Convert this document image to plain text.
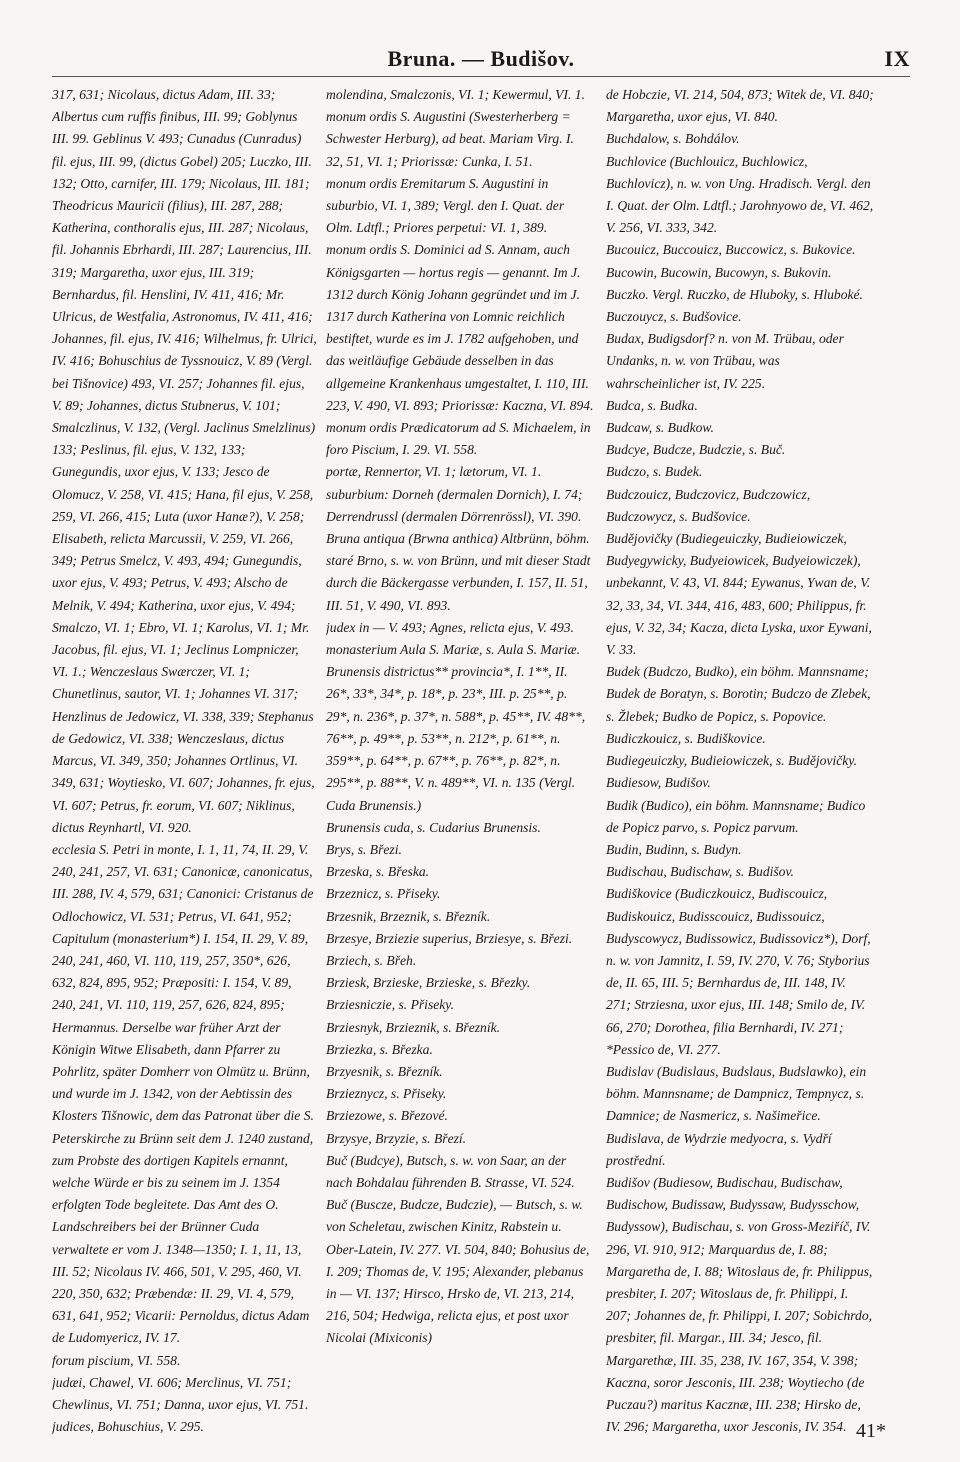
Bruna. — Budišov.	IX

317, 631; Nicolaus, dictus Adam, III. 33; Albertus cum ruffis finibus, III. 99; Goblynus III. 99. Geblinus V. 493; Cunadus (Cunradus) fil. ejus, III. 99, (dictus Gobel) 205; Luczko, III. 132; Otto, carnifer, III. 179; Nicolaus, III. 181; Theodricus Mauricii (filius), III. 287, 288; Katherina, conthoralis ejus, III. 287; Nicolaus, fil. Johannis Ebrhardi, III. 287; Laurencius, III. 319; Margaretha, uxor ejus, III. 319; Bernhardus, fil. Henslini, IV. 411, 416; Mr. Ulricus, de Westfalia, Astronomus, IV. 411, 416; Johannes, fil. ejus, IV. 416; Wilhelmus, fr. Ulrici, IV. 416; Bohuschius de Tyssnouicz, V. 89 (Vergl. bei Tišnovice) 493, VI. 257; Johannes fil. ejus, V. 89; Johannes, dictus Stubnerus, V. 101; Smalczlinus, V. 132, (Vergl. Jaclinus Smelzlinus) 133; Peslinus, fil. ejus, V. 132, 133; Gunegundis, uxor ejus, V. 133; Jesco de Olomucz, V. 258, VI. 415; Hana, fil ejus, V. 258, 259, VI. 266, 415; Luta (uxor Hanæ?), V. 258; Elisabeth, relicta Marcussii, V. 259, VI. 266, 349; Petrus Smelcz, V. 493, 494; Gunegundis, uxor ejus, V. 493; Petrus, V. 493; Alscho de Melnik, V. 494; Katherina, uxor ejus, V. 494; Smalczo, VI. 1; Ebro, VI. 1; Karolus, VI. 1; Mr. Jacobus, fil. ejus, VI. 1; Jeclinus Lompniczer, VI. 1.; Wenczeslaus Swærczer, VI. 1; Chunetlinus, sautor, VI. 1; Johannes VI. 317; Henzlinus de Jedowicz, VI. 338, 339; Stephanus de Gedowicz, VI. 338; Wenczeslaus, dictus Marcus, VI. 349, 350; Johannes Ortlinus, VI. 349, 631; Woytiesko, VI. 607; Johannes, fr. ejus, VI. 607; Petrus, fr. eorum, VI. 607; Niklinus, dictus Reynhartl, VI. 920.

ecclesia S. Petri in monte, I. 1, 11, 74, II. 29, V. 240, 241, 257, VI. 631; Canonicæ, canonicatus, III. 288, IV. 4, 579, 631; Canonici: Cristanus de Odlochowicz, VI. 531; Petrus, VI. 641, 952; Capitulum (monasterium*) I. 154, II. 29, V. 89, 240, 241, 460, VI. 110, 119, 257, 350*, 626, 632, 824, 895, 952; Præpositi: I. 154, V. 89, 240, 241, VI. 110, 119, 257, 626, 824, 895; Hermannus. Derselbe war früher Arzt der Königin Witwe Elisabeth, dann Pfarrer zu Pohrlitz, später Domherr von Olmütz u. Brünn, und wurde im J. 1342, von der Aebtissin des Klosters Tišnowic, dem das Patronat über die S. Peterskirche zu Brünn seit dem J. 1240 zustand, zum Probste des dortigen Kapitels ernannt, welche Würde er bis zu seinem im J. 1354 erfolgten Tode begleitete. Das Amt des O. Landschreibers bei der Brünner Cuda verwaltete er vom J. 1348—1350; I. 1, 11, 13, III. 52; Nicolaus IV. 466, 501, V. 295, 460, VI. 220, 350, 632; Præbendæ: II. 29, VI. 4, 579, 631, 641, 952; Vicarii: Pernoldus, dictus Adam de Ludomyericz, IV. 17.

forum piscium, VI. 558.

judæi, Chawel, VI. 606; Merclinus, VI. 751; Chewlinus, VI. 751; Danna, uxor ejus, VI. 751.

judices, Bohuschius, V. 295.

molendina, Smalczonis, VI. 1; Kewermul, VI. 1.

monum ordis S. Augustini (Swesterherberg = Schwester Herburg), ad beat. Mariam Virg. I. 32, 51, VI. 1; Priorissæ: Cunka, I. 51.

monum ordis Eremitarum S. Augustini in suburbio, VI. 1, 389; Vergl. den I. Quat. der Olm. Ldtfl.; Priores perpetui: VI. 1, 389.

monum ordis S. Dominici ad S. Annam, auch Königsgarten — hortus regis — genannt. Im J. 1312 durch König Johann gegründet und im J. 1317 durch Katherina von Lomnic reichlich bestiftet, wurde es im J. 1782 aufgehoben, und das weitläufige Gebäude desselben in das allgemeine Krankenhaus umgestaltet, I. 110, III. 223, V. 490, VI. 893; Priorissæ: Kaczna, VI. 894.

monum ordis Prædicatorum ad S. Michaelem, in foro Piscium, I. 29. VI. 558.

portæ, Rennertor, VI. 1; lætorum, VI. 1.

suburbium: Dorneh (dermalen Dornich), I. 74; Derrendrussl (dermalen Dörrenrössl), VI. 390.

Bruna antiqua (Brwna anthica) Altbrünn, böhm. staré Brno, s. w. von Brünn, und mit dieser Stadt durch die Bäckergasse verbunden, I. 157, II. 51, III. 51, V. 490, VI. 893.

judex in — V. 493; Agnes, relicta ejus, V. 493.

monasterium Aula S. Mariæ, s. Aula S. Mariæ.

Brunensis districtus** provincia*, I. 1**, II. 26*, 33*, 34*, p. 18*, p. 23*, III. p. 25**, p. 29*, n. 236*, p. 37*, n. 588*, p. 45**, IV. 48**, 76**, p. 49**, p. 53**, n. 212*, p. 61**, n. 359**, p. 64**, p. 67**, p. 76**, p. 82*, n. 295**, p. 88**, V. n. 489**, VI. n. 135 (Vergl. Cuda Brunensis.)

Brunensis cuda, s. Cudarius Brunensis.

Brys, s. Březi.

Brzeska, s. Břeska.

Brzeznicz, s. Přiseky.

Brzesnik, Brzeznik, s. Březník.

Brzesye, Brziezie superius, Brziesye, s. Březi.

Brziech, s. Břeh.

Brziesk, Brzieske, Brzieske, s. Březky.

Brziesniczie, s. Přiseky.

Brziesnyk, Brzieznik, s. Březník.

Brziezka, s. Březka.

Brzyesnik, s. Březník.

Brzieznycz, s. Přiseky.

Brziezowe, s. Březové.

Brzysye, Brzyzie, s. Březí.

Buč (Budcye), Butsch, s. w. von Saar, an der nach Bohdalau führenden B. Strasse, VI. 524.

Buč (Buscze, Budcze, Budczie), — Butsch, s. w. von Scheletau, zwischen Kinitz, Rabstein u. Ober-Latein, IV. 277. VI. 504, 840; Bohusius de, I. 209; Thomas de, V. 195; Alexander, plebanus in — VI. 137; Hirsco, Hrsko de, VI. 213, 214, 216, 504; Hedwiga, relicta ejus, et post uxor Nicolai (Mixiconis)

de Hobczie, VI. 214, 504, 873; Witek de, VI. 840; Margaretha, uxor ejus, VI. 840.

Buchdalow, s. Bohdálov.

Buchlovice (Buchlouicz, Buchlowicz, Buchlovicz), n. w. von Ung. Hradisch. Vergl. den I. Quat. der Olm. Ldtfl.; Jarohnyowo de, VI. 462, V. 256, VI. 333, 342.

Bucouicz, Buccouicz, Buccowicz, s. Bukovice.

Bucowin, Bucowin, Bucowyn, s. Bukovin.

Buczko. Vergl. Ruczko, de Hluboky, s. Hluboké.

Buczouycz, s. Budšovice.

Budax, Budigsdorf? n. von M. Trübau, oder Undanks, n. w. von Trübau, was wahrscheinlicher ist, IV. 225.

Budca, s. Budka.

Budcaw, s. Budkow.

Budcye, Budcze, Budczie, s. Buč.

Budczo, s. Budek.

Budczouicz, Budczovicz, Budczowicz, Budczowycz, s. Budšovice.

Budějovičky (Budiegeuiczky, Budieiowiczek, Budyegywicky, Budyeiowicek, Budyeiowiczek), unbekannt, V. 43, VI. 844; Eywanus, Ywan de, V. 32, 33, 34, VI. 344, 416, 483, 600; Philippus, fr. ejus, V. 32, 34; Kacza, dicta Lyska, uxor Eywani, V. 33.

Budek (Budczo, Budko), ein böhm. Mannsname; Budek de Boratyn, s. Borotin; Budczo de Zlebek, s. Žlebek; Budko de Popicz, s. Popovice.

Budiczkouicz, s. Budiškovice.

Budiegeuiczky, Budieiowiczek, s. Budějovičky.

Budiesow, Budišov.

Budik (Budico), ein böhm. Mannsname; Budico de Popicz parvo, s. Popicz parvum.

Budin, Budinn, s. Budyn.

Budischau, Budischaw, s. Budišov.

Budiškovice (Budiczkouicz, Budiscouicz, Budiskouicz, Budisscouicz, Budissouicz, Budyscowycz, Budissowicz, Budissovicz*), Dorf, n. w. von Jamnitz, I. 59, IV. 270, V. 76; Styborius de, II. 65, III. 5; Bernhardus de, III. 148, IV. 271; Strziesna, uxor ejus, III. 148; Smilo de, IV. 66, 270; Dorothea, filia Bernhardi, IV. 271; *Pessico de, VI. 277.

Budislav (Budislaus, Budslaus, Budslawko), ein böhm. Mannsname; de Dampnicz, Tempnycz, s. Damnice; de Nasmericz, s. Našimeřice.

Budislava, de Wydrzie medyocra, s. Vydří prostřední.

Budišov (Budiesow, Budischau, Budischaw, Budischow, Budissaw, Budyssaw, Budysschow, Budyssow), Budischau, s. von Gross-Meziříč, IV. 296, VI. 910, 912; Marquardus de, I. 88; Margaretha de, I. 88; Witoslaus de, fr. Philippus, presbiter, I. 207; Witoslaus de, fr. Philippi, I. 207; Johannes de, fr. Philippi, I. 207; Sobichrdo, presbiter, fil. Margar., III. 34; Jesco, fil. Margarethæ, III. 35, 238, IV. 167, 354, V. 398; Kaczna, soror Jesconis, III. 238; Woytiecho (de Puczau?) maritus Kacznæ, III. 238; Hirsko de, IV. 296; Margaretha, uxor Jesconis, IV. 354. 41*
